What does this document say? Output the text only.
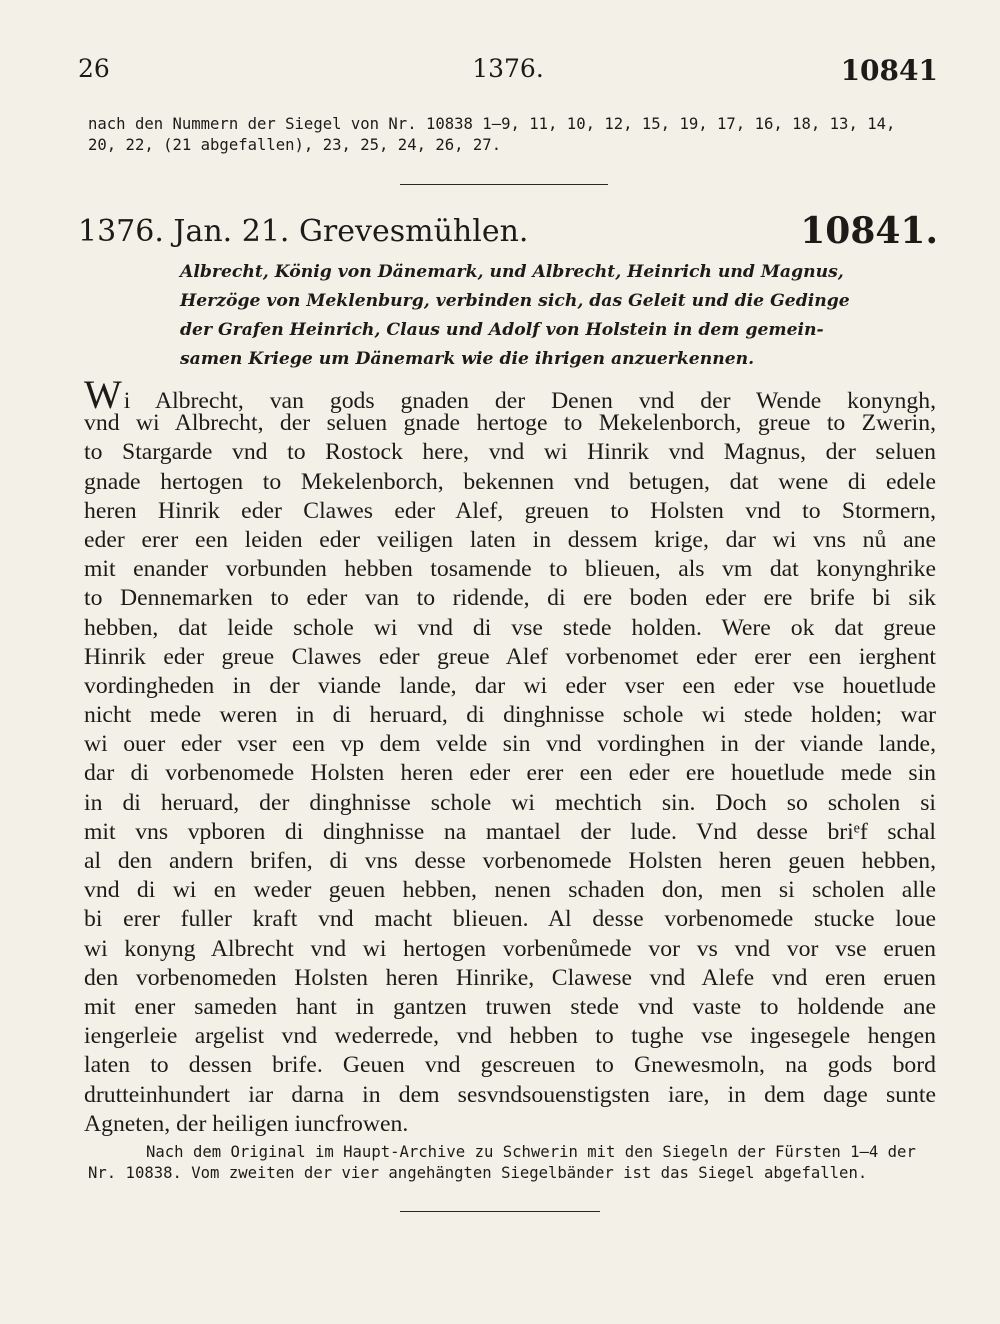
26	1376.	10841
nach den Nummern der Siegel von Nr. 10838 1—9, 11, 10, 12, 15, 19, 17, 16, 18, 13, 14,
20, 22, (21 abgefallen), 23, 25, 24, 26, 27.
1376. Jan. 21. Grevesmühlen.	10841.
Albrecht, König von Dänemark, und Albrecht, Heinrich und Magnus,
Herzöge von Meklenburg, verbinden sich, das Geleit und die Gedinge
der Grafen Heinrich, Claus und Adolf von Holstein in dem gemein-
samen Kriege um Dänemark wie die ihrigen anzuerkennen.
Wi Albrecht, van gods gnaden der Denen vnd der Wende konyngh,
vnd wi Albrecht, der seluen gnade hertoge to Mekelenborch, greue to Zwerin,
to Stargarde vnd to Rostock here, vnd wi Hinrik vnd Magnus, der seluen
gnade hertogen to Mekelenborch, bekennen vnd betugen, dat wene di edele
heren Hinrik eder Clawes eder Alef, greuen to Holsten vnd to Stormern,
eder erer een leiden eder veiligen laten in dessem krige, dar wi vns nů ane
mit enander vorbunden hebben tosamende to blieuen, als vm dat konynghrike
to Dennemarken to eder van to ridende, di ere boden eder ere brife bi sik
hebben, dat leide schole wi vnd di vse stede holden. Were ok dat greue
Hinrik eder greue Clawes eder greue Alef vorbenomet eder erer een ierghent
vordingheden in der viande lande, dar wi eder vser een eder vse houetlude
nicht mede weren in di heruard, di dinghnisse schole wi stede holden; war
wi ouer eder vser een vp dem velde sin vnd vordinghen in der viande lande,
dar di vorbenomede Holsten heren eder erer een eder ere houetlude mede sin
in di heruard, der dinghnisse schole wi mechtich sin. Doch so scholen si
mit vns vpboren di dinghnisse na mantael der lude. Vnd desse briᵉf schal
al den andern brifen, di vns desse vorbenomede Holsten heren geuen hebben,
vnd di wi en weder geuen hebben, nenen schaden don, men si scholen alle
bi erer fuller kraft vnd macht blieuen. Al desse vorbenomede stucke loue
wi konyng Albrecht vnd wi hertogen vorbenůmede vor vs vnd vor vse eruen
den vorbenomeden Holsten heren Hinrike, Clawese vnd Alefe vnd eren eruen
mit ener sameden hant in gantzen truwen stede vnd vaste to holdende ane
iengerleie argelist vnd wederrede, vnd hebben to tughe vse ingesegele hengen
laten to dessen brife. Geuen vnd gescreuen to Gnewesmoln, na gods bord
drutteinhundert iar darna in dem sesvndsouenstigsten iare, in dem dage sunte
Agneten, der heiligen iuncfrowen.
Nach dem Original im Haupt-Archive zu Schwerin mit den Siegeln der Fürsten 1—4 der
Nr. 10838. Vom zweiten der vier angehängten Siegelbänder ist das Siegel abgefallen.
